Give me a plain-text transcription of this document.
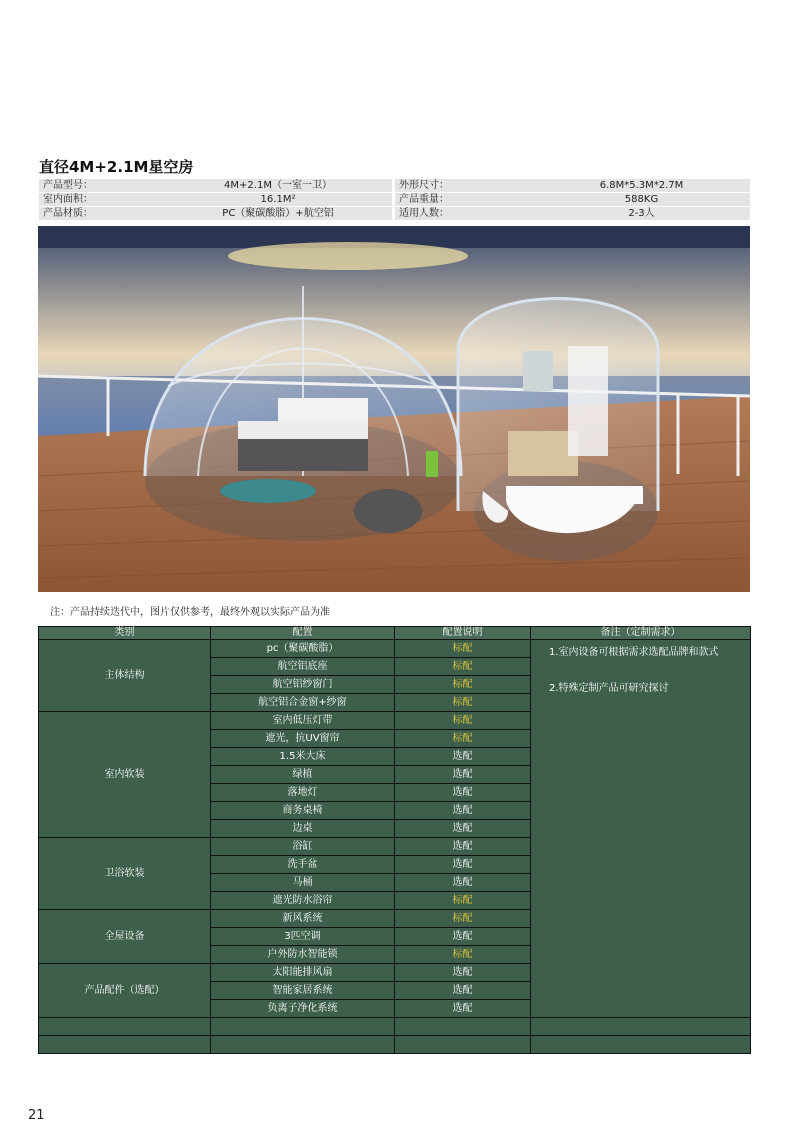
直径4M+2.1M星空房
产品型号：	4M+2.1M（一室一卫）	外形尺寸：	6.8M*5.3M*2.7M
室内面积：	16.1M²	产品重量：	588KG
产品材质：	PC（聚碳酸脂）+航空铝	适用人数：	2-3人
注：产品持续迭代中，图片仅供参考，最终外观以实际产品为准
类别	配置	配置说明	备注（定制需求）
主体结构	pc（聚碳酸脂）	标配	1.室内设备可根据需求选配品牌和款式
2.特殊定制产品可研究探讨

	航空铝底座	标配	
	航空铝纱窗门	标配	
	航空铝合金窗+纱窗	标配	
室内软装	室内低压灯带	标配	
	遮光，抗UV窗帘	标配	
	1.5米大床	选配	
	绿植	选配	
	落地灯	选配	
	商务桌椅	选配	
	边桌	选配	
卫浴软装	浴缸	选配	
	洗手盆	选配	
	马桶	选配	
	遮光防水浴帘	标配	
全屋设备	新风系统	标配	
	3匹空调	选配	
	户外防水智能锁	标配	
产品配件（选配）	太阳能排风扇	选配	
	智能家居系统	选配	
	负离子净化系统	选配	

21
